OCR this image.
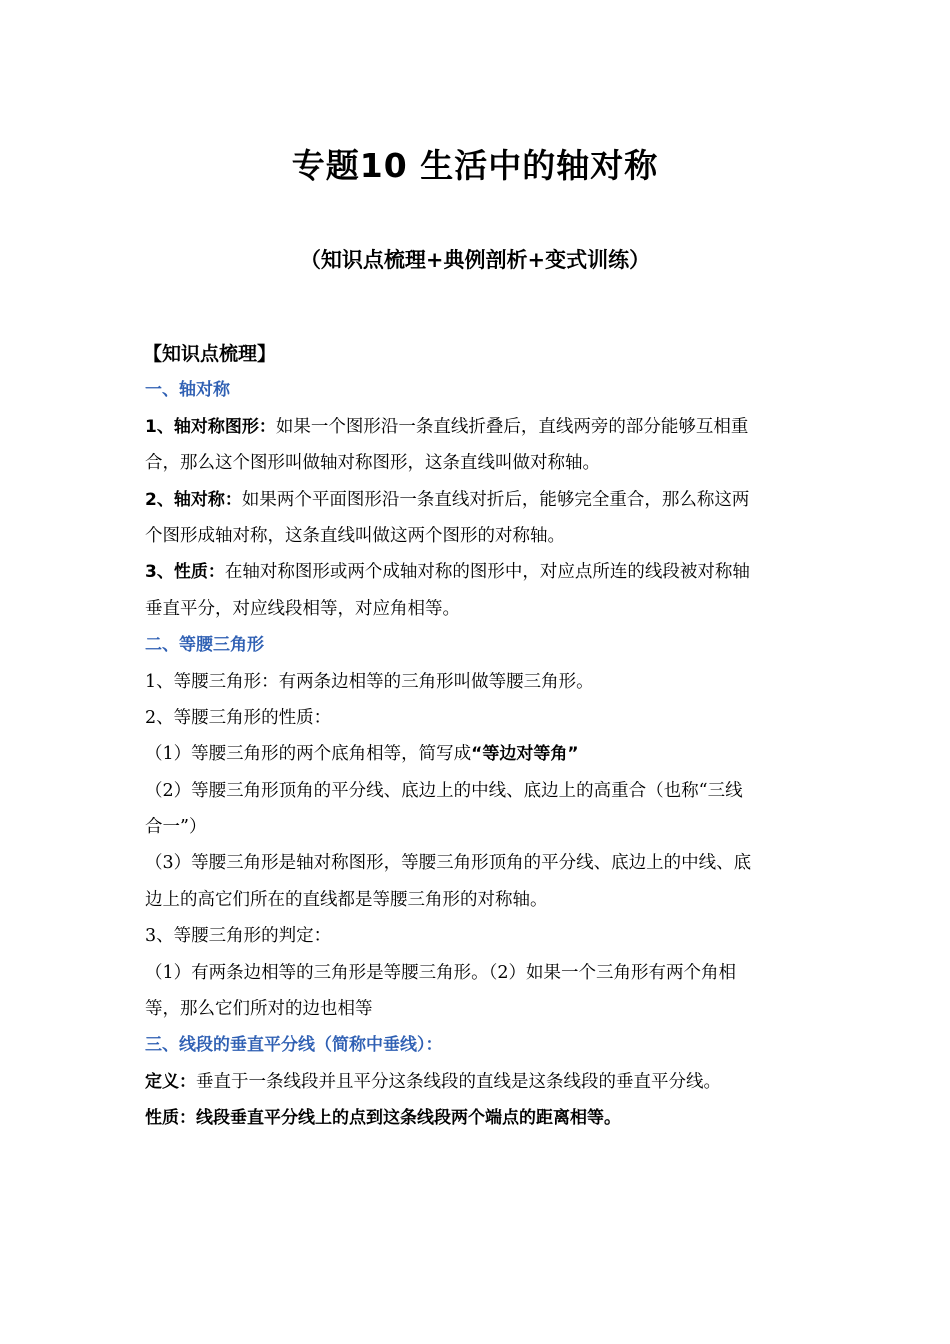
专题10 生活中的轴对称
（知识点梳理+典例剖析+变式训练）
【知识点梳理】
一、轴对称
1、轴对称图形：如果一个图形沿一条直线折叠后，直线两旁的部分能够互相重
合，那么这个图形叫做轴对称图形，这条直线叫做对称轴。
2、轴对称：如果两个平面图形沿一条直线对折后，能够完全重合，那么称这两
个图形成轴对称，这条直线叫做这两个图形的对称轴。
3、性质：在轴对称图形或两个成轴对称的图形中，对应点所连的线段被对称轴
垂直平分，对应线段相等，对应角相等。
二、等腰三角形
1、等腰三角形：有两条边相等的三角形叫做等腰三角形。
2、等腰三角形的性质：
（1）等腰三角形的两个底角相等，简写成“等边对等角”
（2）等腰三角形顶角的平分线、底边上的中线、底边上的高重合（也称“三线
合一”）
（3）等腰三角形是轴对称图形，等腰三角形顶角的平分线、底边上的中线、底
边上的高它们所在的直线都是等腰三角形的对称轴。
3、等腰三角形的判定：
（1）有两条边相等的三角形是等腰三角形。（2）如果一个三角形有两个角相
等，那么它们所对的边也相等
三、线段的垂直平分线（简称中垂线）：
定义：垂直于一条线段并且平分这条线段的直线是这条线段的垂直平分线。
性质：线段垂直平分线上的点到这条线段两个端点的距离相等。
